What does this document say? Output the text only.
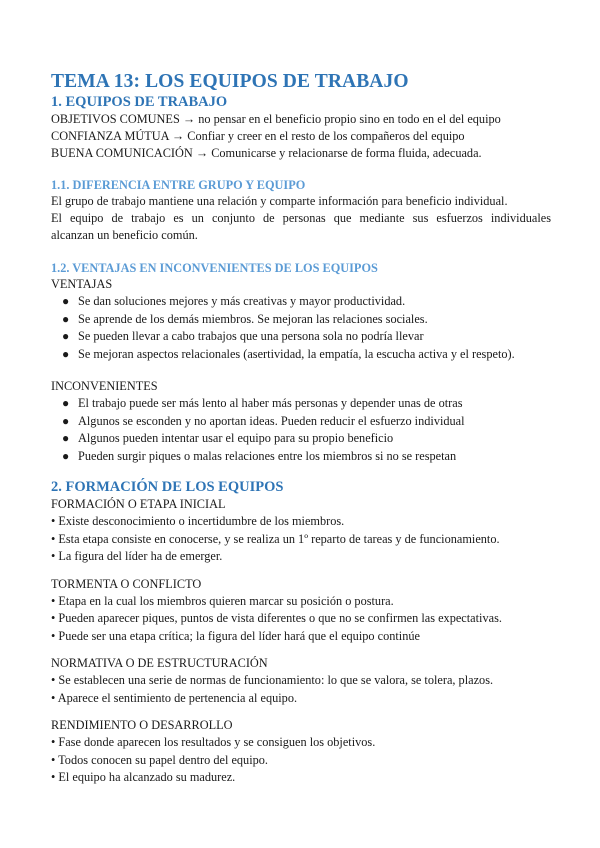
TEMA 13: LOS EQUIPOS DE TRABAJO
1. EQUIPOS DE TRABAJO

OBJETIVOS COMUNES → no pensar en el beneficio propio sino en todo en el del equipo

CONFIANZA MÚTUA → Confiar y creer en el resto de los compañeros del equipo

BUENA COMUNICACIÓN → Comunicarse y relacionarse de forma fluida, adecuada.

1.1. DIFERENCIA ENTRE GRUPO Y EQUIPO

El grupo de trabajo mantiene una relación y comparte información para beneficio individual.

El equipo de trabajo es un conjunto de personas que mediante sus esfuerzos individuales

alcanzan un beneficio común.

1.2. VENTAJAS EN INCONVENIENTES DE LOS EQUIPOS

VENTAJAS

● Se dan soluciones mejores y más creativas y mayor productividad.
● Se aprende de los demás miembros. Se mejoran las relaciones sociales.
● Se pueden llevar a cabo trabajos que una persona sola no podría llevar
● Se mejoran aspectos relacionales (asertividad, la empatía, la escucha activa y el respeto).

INCONVENIENTES

● El trabajo puede ser más lento al haber más personas y depender unas de otras
● Algunos se esconden y no aportan ideas. Pueden reducir el esfuerzo individual
● Algunos pueden intentar usar el equipo para su propio beneficio
● Pueden surgir piques o malas relaciones entre los miembros si no se respetan
2. FORMACIÓN DE LOS EQUIPOS

FORMACIÓN O ETAPA INICIAL

• Existe desconocimiento o incertidumbre de los miembros.

• Esta etapa consiste en conocerse, y se realiza un 1º reparto de tareas y de funcionamiento.

• La figura del líder ha de emerger.

TORMENTA O CONFLICTO

• Etapa en la cual los miembros quieren marcar su posición o postura.

• Pueden aparecer piques, puntos de vista diferentes o que no se confirmen las expectativas.

• Puede ser una etapa crítica; la figura del líder hará que el equipo continúe

NORMATIVA O DE ESTRUCTURACIÓN

• Se establecen una serie de normas de funcionamiento: lo que se valora, se tolera, plazos.

• Aparece el sentimiento de pertenencia al equipo.

RENDIMIENTO O DESARROLLO

• Fase donde aparecen los resultados y se consiguen los objetivos.

• Todos conocen su papel dentro del equipo.

• El equipo ha alcanzado su madurez.
